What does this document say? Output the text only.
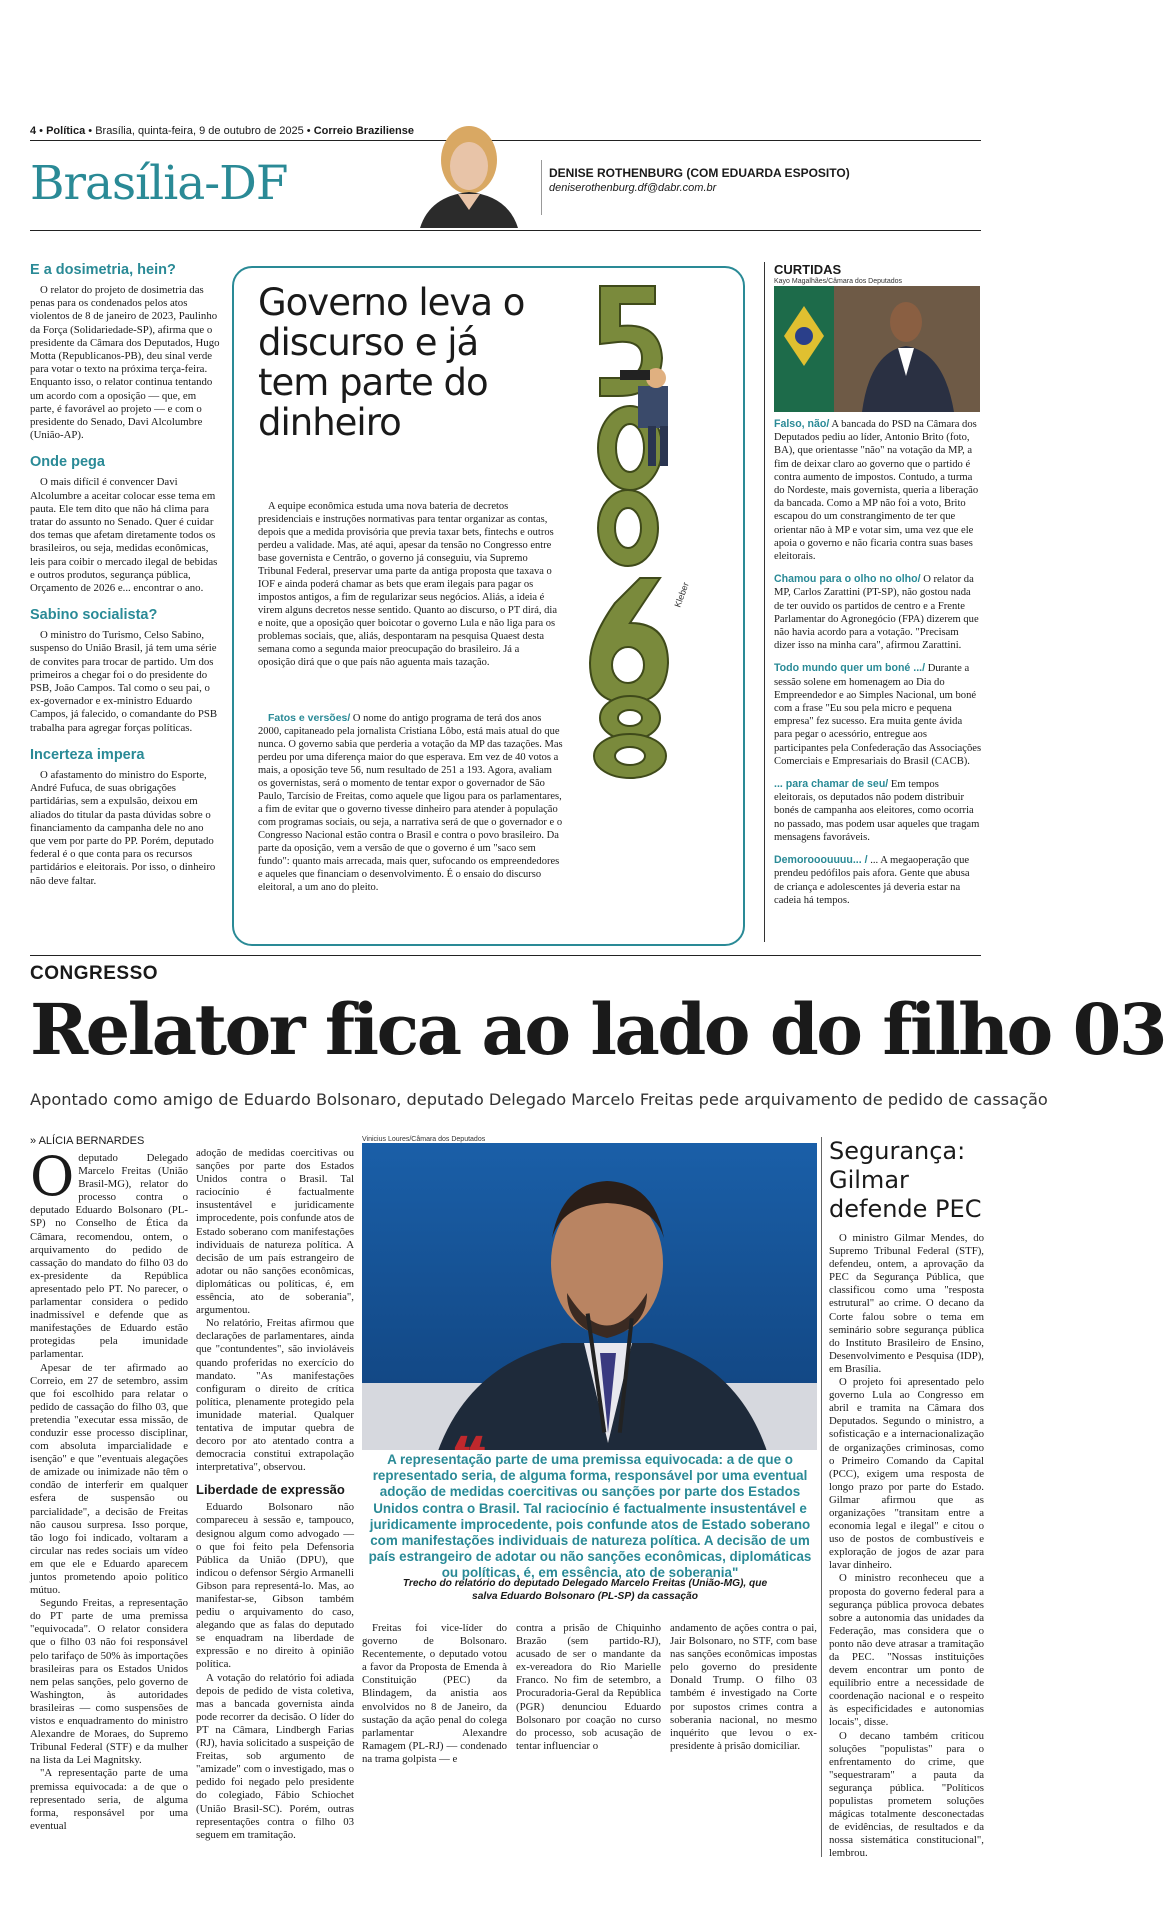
4 • Política • Brasília, quinta-feira, 9 de outubro de 2025 • Correio Braziliense
Brasília-DF	DENISE ROTHENBURG (COM EDUARDA ESPOSITO)
deniserothenburg.df@dabr.com.br
E a dosimetria, hein?

O relator do projeto de dosimetria das penas para os condenados pelos atos violentos de 8 de janeiro de 2023, Paulinho da Força (Solidariedade-SP), afirma que o presidente da Câmara dos Deputados, Hugo Motta (Republicanos-PB), deu sinal verde para votar o texto na próxima terça-feira. Enquanto isso, o relator continua tentando um acordo com a oposição — que, em parte, é favorável ao projeto — e com o presidente do Senado, Davi Alcolumbre (União-AP).

Onde pega

O mais difícil é convencer Davi Alcolumbre a aceitar colocar esse tema em pauta. Ele tem dito que não há clima para tratar do assunto no Senado. Quer é cuidar dos temas que afetam diretamente todos os brasileiros, ou seja, medidas econômicas, leis para coibir o mercado ilegal de bebidas e outros produtos, segurança pública, Orçamento de 2026 e... encontrar o ano.

Sabino socialista?

O ministro do Turismo, Celso Sabino, suspenso do União Brasil, já tem uma série de convites para trocar de partido. Um dos primeiros a chegar foi o do presidente do PSB, João Campos. Tal como o seu pai, o ex-governador e ex-ministro Eduardo Campos, já falecido, o comandante do PSB trabalha para agregar forças políticas.

Incerteza impera

O afastamento do ministro do Esporte, André Fufuca, de suas obrigações partidárias, sem a expulsão, deixou em aliados do titular da pasta dúvidas sobre o financiamento da campanha dele no ano que vem por parte do PP. Porém, deputado federal é o que conta para os recursos partidários e eleitorais. Por isso, o dinheiro não deve faltar.

Governo leva o discurso e já tem parte do dinheiro
Kleber

A equipe econômica estuda uma nova bateria de decretos presidenciais e instruções normativas para tentar organizar as contas, depois que a medida provisória que previa taxar bets, fintechs e outros perdeu a validade. Mas, até aqui, apesar da tensão no Congresso entre base governista e Centrão, o governo já conseguiu, via Supremo Tribunal Federal, preservar uma parte da antiga proposta que taxava o IOF e ainda poderá chamar as bets que eram ilegais para pagar os impostos antigos, a fim de regularizar seus negócios. Aliás, a ideia é virem alguns decretos nesse sentido. Quanto ao discurso, o PT dirá, dia e noite, que a oposição quer boicotar o governo Lula e não liga para os problemas sociais, que, aliás, despontaram na pesquisa Quaest desta semana como a segunda maior preocupação do brasileiro. Já a oposição dirá que o que país não aguenta mais tazação.

Fatos e versões/ O nome do antigo programa de terá dos anos 2000, capitaneado pela jornalista Cristiana Lôbo, está mais atual do que nunca. O governo sabia que perderia a votação da MP das tazações. Mas perdeu por uma diferença maior do que esperava. Em vez de 40 votos a mais, a oposição teve 56, num resultado de 251 a 193. Agora, avaliam os governistas, será o momento de tentar expor o governador de São Paulo, Tarcísio de Freitas, como aquele que ligou para os parlamentares, a fim de evitar que o governo tivesse dinheiro para atender à população com programas sociais, ou seja, a narrativa será de que o governador e o Congresso Nacional estão contra o Brasil e contra o povo brasileiro. Da parte da oposição, vem a versão de que o governo é um "saco sem fundo": quanto mais arrecada, mais quer, sufocando os empreendedores e aqueles que financiam o desenvolvimento. É o ensaio do discurso eleitoral, a um ano do pleito.

CURTIDAS
Kayo Magalhães/Câmara dos Deputados

Falso, não/ A bancada do PSD na Câmara dos Deputados pediu ao líder, Antonio Brito (foto, BA), que orientasse "não" na votação da MP, a fim de deixar claro ao governo que o partido é contra aumento de impostos. Contudo, a turma do Nordeste, mais governista, queria a liberação da bancada. Como a MP não foi a voto, Brito escapou do um constrangimento de ter que orientar não à MP e votar sim, uma vez que ele apoia o governo e não ficaria contra suas bases eleitorais.

Chamou para o olho no olho/ O relator da MP, Carlos Zarattini (PT-SP), não gostou nada de ter ouvido os partidos de centro e a Frente Parlamentar do Agronegócio (FPA) dizerem que não havia acordo para a votação. "Precisam dizer isso na minha cara", afirmou Zarattini.

Todo mundo quer um boné .../ Durante a sessão solene em homenagem ao Dia do Empreendedor e ao Simples Nacional, um boné com a frase "Eu sou pela micro e pequena empresa" fez sucesso. Era muita gente ávida para pegar o acessório, entregue aos participantes pela Confederação das Associações Comerciais e Empresariais do Brasil (CACB).

... para chamar de seu/ Em tempos eleitorais, os deputados não podem distribuir bonés de campanha aos eleitores, como ocorria no passado, mas podem usar aqueles que tragam mensagens favoráveis.

Demorooouuuu... / ... A megaoperação que prendeu pedófilos pais afora. Gente que abusa de criança e adolescentes já deveria estar na cadeia há tempos.

CONGRESSO
Relator fica ao lado do filho 03
Apontado como amigo de Eduardo Bolsonaro, deputado Delegado Marcelo Freitas pede arquivamento de pedido de cassação
» ALÍCIA BERNARDES
O deputado Delegado Marcelo Freitas (União Brasil-MG), relator do processo contra o deputado Eduardo Bolsonaro (PL-SP) no Conselho de Ética da Câmara, recomendou, ontem, o arquivamento do pedido de cassação do mandato do filho 03 do ex-presidente da República apresentado pelo PT. No parecer, o parlamentar considera o pedido inadmissível e defende que as manifestações de Eduardo estão protegidas pela imunidade parlamentar.

Apesar de ter afirmado ao Correio, em 27 de setembro, assim que foi escolhido para relatar o pedido de cassação do filho 03, que pretendia "executar essa missão, de conduzir esse processo disciplinar, com absoluta imparcialidade e isenção" e que "eventuais alegações de amizade ou inimizade não têm o condão de interferir em qualquer esfera de suspensão ou parcialidade", a decisão de Freitas não causou surpresa. Isso porque, tão logo foi indicado, voltaram a circular nas redes sociais um vídeo em que ele e Eduardo aparecem juntos prometendo apoio político mútuo.

Segundo Freitas, a representação do PT parte de uma premissa "equivocada". O relator considera que o filho 03 não foi responsável pelo tarifaço de 50% às importações brasileiras para os Estados Unidos nem pelas sanções, pelo governo de Washington, às autoridades brasileiras — como suspensões de vistos e enquadramento do ministro Alexandre de Moraes, do Supremo Tribunal Federal (STF) e da mulher na lista da Lei Magnitsky.

"A representação parte de uma premissa equivocada: a de que o representado seria, de alguma forma, responsável por uma eventual

adoção de medidas coercitivas ou sanções por parte dos Estados Unidos contra o Brasil. Tal raciocínio é factualmente insustentável e juridicamente improcedente, pois confunde atos de Estado soberano com manifestações individuais de natureza política. A decisão de um país estrangeiro de adotar ou não sanções econômicas, diplomáticas ou políticas, é, em essência, ato de soberania", argumentou.

No relatório, Freitas afirmou que declarações de parlamentares, ainda que "contundentes", são invioláveis quando proferidas no exercício do mandato. "As manifestações configuram o direito de crítica política, plenamente protegido pela imunidade material. Qualquer tentativa de imputar quebra de decoro por ato atentado contra a democracia constitui extrapolação interpretativa", observou.

Liberdade de expressão

Eduardo Bolsonaro não compareceu à sessão e, tampouco, designou algum como advogado — o que foi feito pela Defensoria Pública da União (DPU), que indicou o defensor Sérgio Armanelli Gibson para representá-lo. Mas, ao manifestar-se, Gibson também pediu o arquivamento do caso, alegando que as falas do deputado se enquadram na liberdade de expressão e no direito à opinião política.

A votação do relatório foi adiada depois de pedido de vista coletiva, mas a bancada governista ainda pode recorrer da decisão. O líder do PT na Câmara, Lindbergh Farias (RJ), havia solicitado a suspeição de Freitas, sob argumento de "amizade" com o investigado, mas o pedido foi negado pelo presidente do colegiado, Fábio Schiochet (União Brasil-SC). Porém, outras representações contra o filho 03 seguem em tramitação.

Vinicius Loures/Câmara dos Deputados
A representação parte de uma premissa equivocada: a de que o representado seria, de alguma forma, responsável por uma eventual adoção de medidas coercitivas ou sanções por parte dos Estados Unidos contra o Brasil. Tal raciocínio é factualmente insustentável e juridicamente improcedente, pois confunde atos de Estado soberano com manifestações individuais de natureza política. A decisão de um país estrangeiro de adotar ou não sanções econômicas, diplomáticas ou políticas, é, em essência, ato de soberania"
Trecho do relatório do deputado Delegado Marcelo Freitas (União-MG), que salva Eduardo Bolsonaro (PL-SP) da cassação

Freitas foi vice-líder do governo de Bolsonaro. Recentemente, o deputado votou a favor da Proposta de Emenda à Constituição (PEC) da Blindagem, da anistia aos envolvidos no 8 de Janeiro, da sustação da ação penal do colega parlamentar Alexandre Ramagem (PL-RJ) — condenado na trama golpista — e

contra a prisão de Chiquinho Brazão (sem partido-RJ), acusado de ser o mandante da ex-vereadora do Rio Marielle Franco. No fim de setembro, a Procuradoria-Geral da República (PGR) denunciou Eduardo Bolsonaro por coação no curso do processo, sob acusação de tentar influenciar o

andamento de ações contra o pai, Jair Bolsonaro, no STF, com base nas sanções econômicas impostas pelo governo do presidente Donald Trump. O filho 03 também é investigado na Corte por supostos crimes contra a soberania nacional, no mesmo inquérito que levou o ex-presidente à prisão domiciliar.

Segurança: Gilmar defende PEC

O ministro Gilmar Mendes, do Supremo Tribunal Federal (STF), defendeu, ontem, a aprovação da PEC da Segurança Pública, que classificou como uma "resposta estrutural" ao crime. O decano da Corte falou sobre o tema em seminário sobre segurança pública do Instituto Brasileiro de Ensino, Desenvolvimento e Pesquisa (IDP), em Brasília.

O projeto foi apresentado pelo governo Lula ao Congresso em abril e tramita na Câmara dos Deputados. Segundo o ministro, a sofisticação e a internacionalização de organizações criminosas, como o Primeiro Comando da Capital (PCC), exigem uma resposta de longo prazo por parte do Estado. Gilmar afirmou que as organizações "transitam entre a economia legal e ilegal" e citou o uso de postos de combustíveis e exploração de jogos de azar para lavar dinheiro.

O ministro reconheceu que a proposta do governo federal para a segurança pública provoca debates sobre a autonomia das unidades da Federação, mas considera que o ponto não deve atrasar a tramitação da PEC. "Nossas instituições devem encontrar um ponto de equilíbrio entre a necessidade de coordenação nacional e o respeito às especificidades e autonomias locais", disse.

O decano também criticou soluções "populistas" para o enfrentamento do crime, que "sequestraram" a pauta da segurança pública. "Políticos populistas prometem soluções mágicas totalmente desconectadas de evidências, de resultados e da nossa sistemática constitucional", lembrou.
